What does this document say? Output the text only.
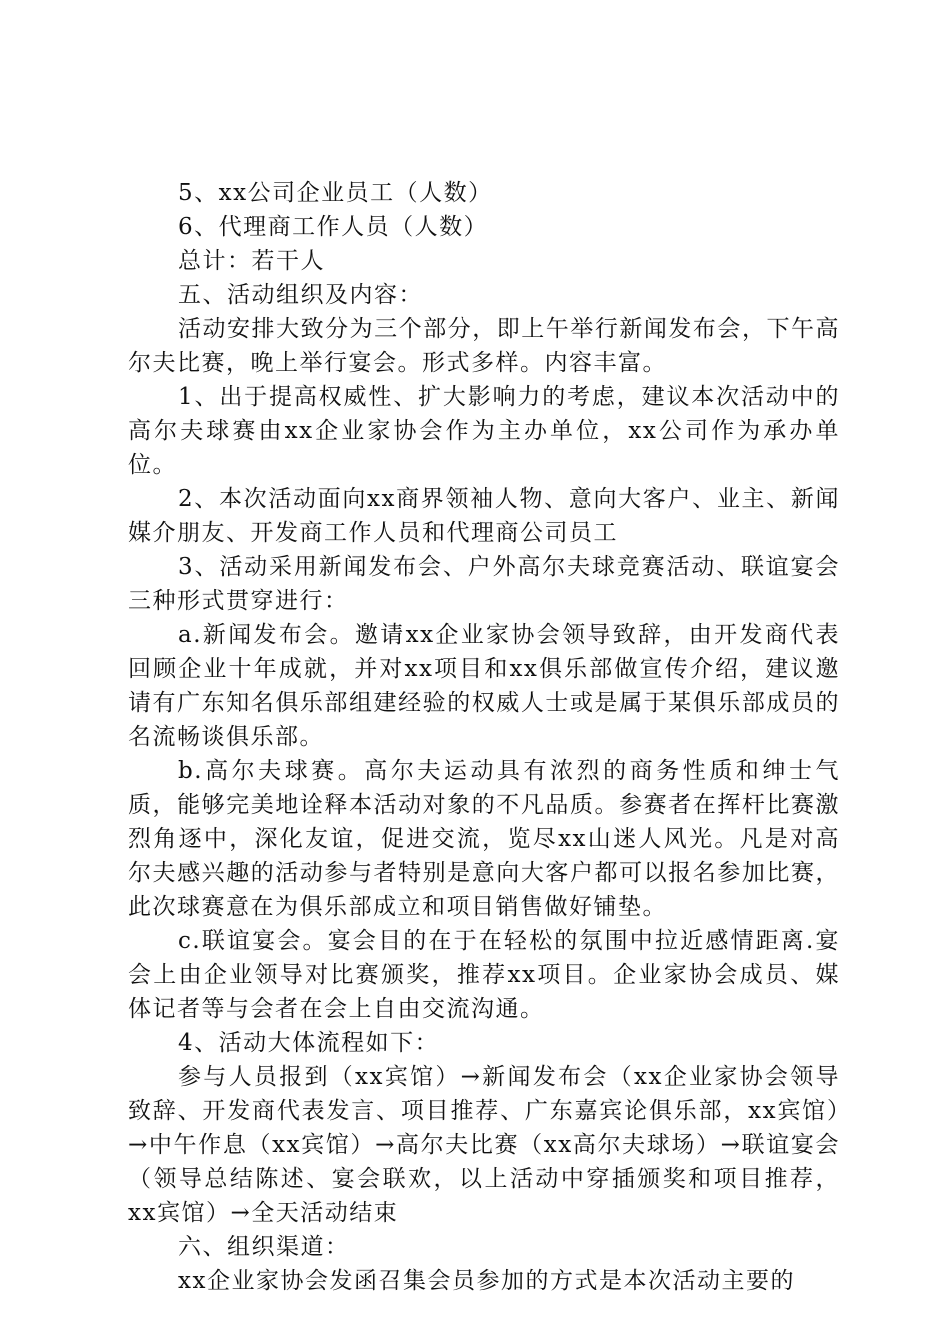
5、xx公司企业员工（人数）

6、代理商工作人员（人数）

总计：若干人

五、活动组织及内容：

活动安排大致分为三个部分，即上午举行新闻发布会，下午高尔夫比赛，晚上举行宴会。形式多样。内容丰富。

1、出于提高权威性、扩大影响力的考虑，建议本次活动中的高尔夫球赛由xx企业家协会作为主办单位，xx公司作为承办单位。

2、本次活动面向xx商界领袖人物、意向大客户、业主、新闻媒介朋友、开发商工作人员和代理商公司员工

3、活动采用新闻发布会、户外高尔夫球竞赛活动、联谊宴会三种形式贯穿进行：

a.新闻发布会。邀请xx企业家协会领导致辞，由开发商代表回顾企业十年成就，并对xx项目和xx俱乐部做宣传介绍，建议邀请有广东知名俱乐部组建经验的权威人士或是属于某俱乐部成员的名流畅谈俱乐部。

b.高尔夫球赛。高尔夫运动具有浓烈的商务性质和绅士气质，能够完美地诠释本活动对象的不凡品质。参赛者在挥杆比赛激烈角逐中，深化友谊，促进交流，览尽xx山迷人风光。凡是对高尔夫感兴趣的活动参与者特别是意向大客户都可以报名参加比赛，此次球赛意在为俱乐部成立和项目销售做好铺垫。

c.联谊宴会。宴会目的在于在轻松的氛围中拉近感情距离.宴会上由企业领导对比赛颁奖，推荐xx项目。企业家协会成员、媒体记者等与会者在会上自由交流沟通。

4、活动大体流程如下：

参与人员报到（xx宾馆）→新闻发布会（xx企业家协会领导致辞、开发商代表发言、项目推荐、广东嘉宾论俱乐部，xx宾馆）→中午作息（xx宾馆）→高尔夫比赛（xx高尔夫球场）→联谊宴会（领导总结陈述、宴会联欢，以上活动中穿插颁奖和项目推荐，xx宾馆）→全天活动结束

六、组织渠道：

xx企业家协会发函召集会员参加的方式是本次活动主要的
